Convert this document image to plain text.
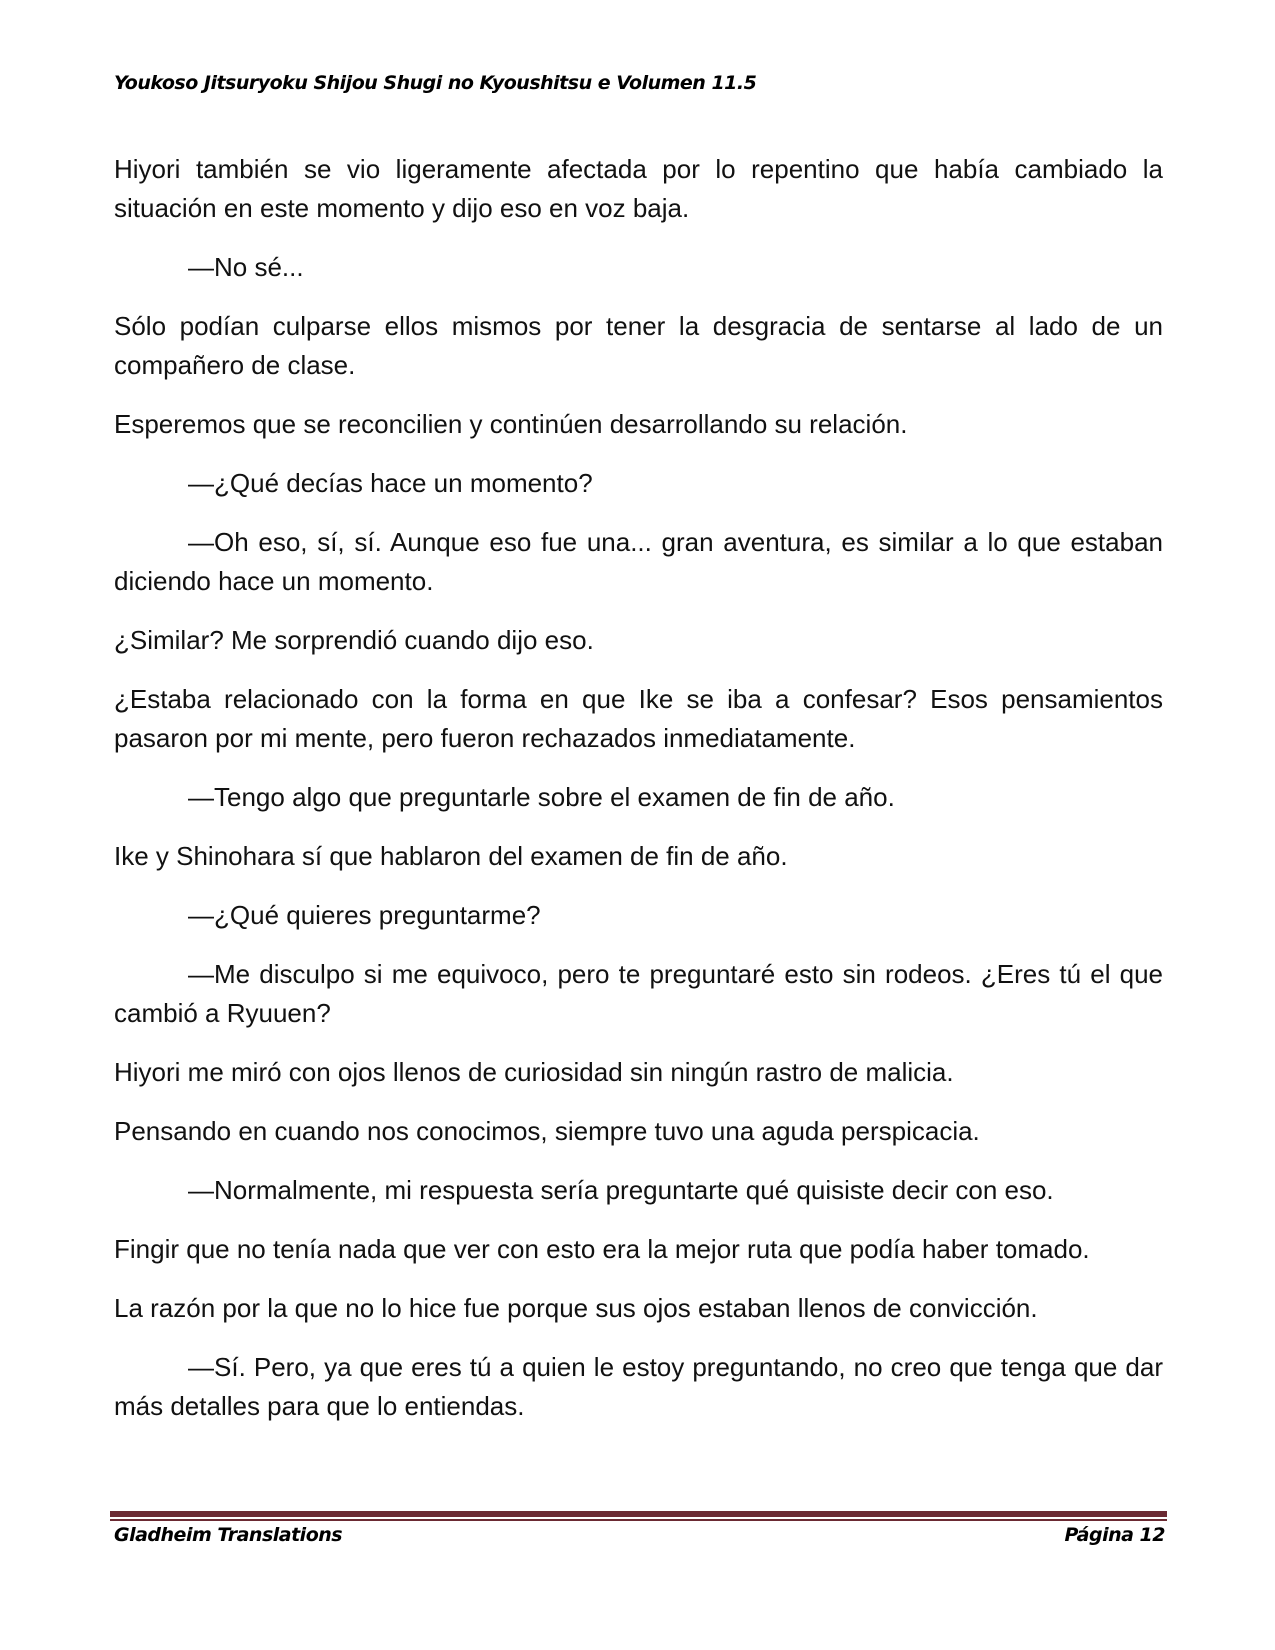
Youkoso Jitsuryoku Shijou Shugi no Kyoushitsu e Volumen 11.5

Hiyori también se vio ligeramente afectada por lo repentino que había cambiado la situación en este momento y dijo eso en voz baja.

—No sé...

Sólo podían culparse ellos mismos por tener la desgracia de sentarse al lado de un compañero de clase.

Esperemos que se reconcilien y continúen desarrollando su relación.

—¿Qué decías hace un momento?

—Oh eso, sí, sí. Aunque eso fue una... gran aventura, es similar a lo que estaban diciendo hace un momento.

¿Similar? Me sorprendió cuando dijo eso.

¿Estaba relacionado con la forma en que Ike se iba a confesar? Esos pensamientos pasaron por mi mente, pero fueron rechazados inmediatamente.

—Tengo algo que preguntarle sobre el examen de fin de año.

Ike y Shinohara sí que hablaron del examen de fin de año.

—¿Qué quieres preguntarme?

—Me disculpo si me equivoco, pero te preguntaré esto sin rodeos. ¿Eres tú el que cambió a Ryuuen?

Hiyori me miró con ojos llenos de curiosidad sin ningún rastro de malicia.

Pensando en cuando nos conocimos, siempre tuvo una aguda perspicacia.

—Normalmente, mi respuesta sería preguntarte qué quisiste decir con eso.

Fingir que no tenía nada que ver con esto era la mejor ruta que podía haber tomado.

La razón por la que no lo hice fue porque sus ojos estaban llenos de convicción.

—Sí. Pero, ya que eres tú a quien le estoy preguntando, no creo que tenga que dar más detalles para que lo entiendas.

Gladheim Translations	Página 12
